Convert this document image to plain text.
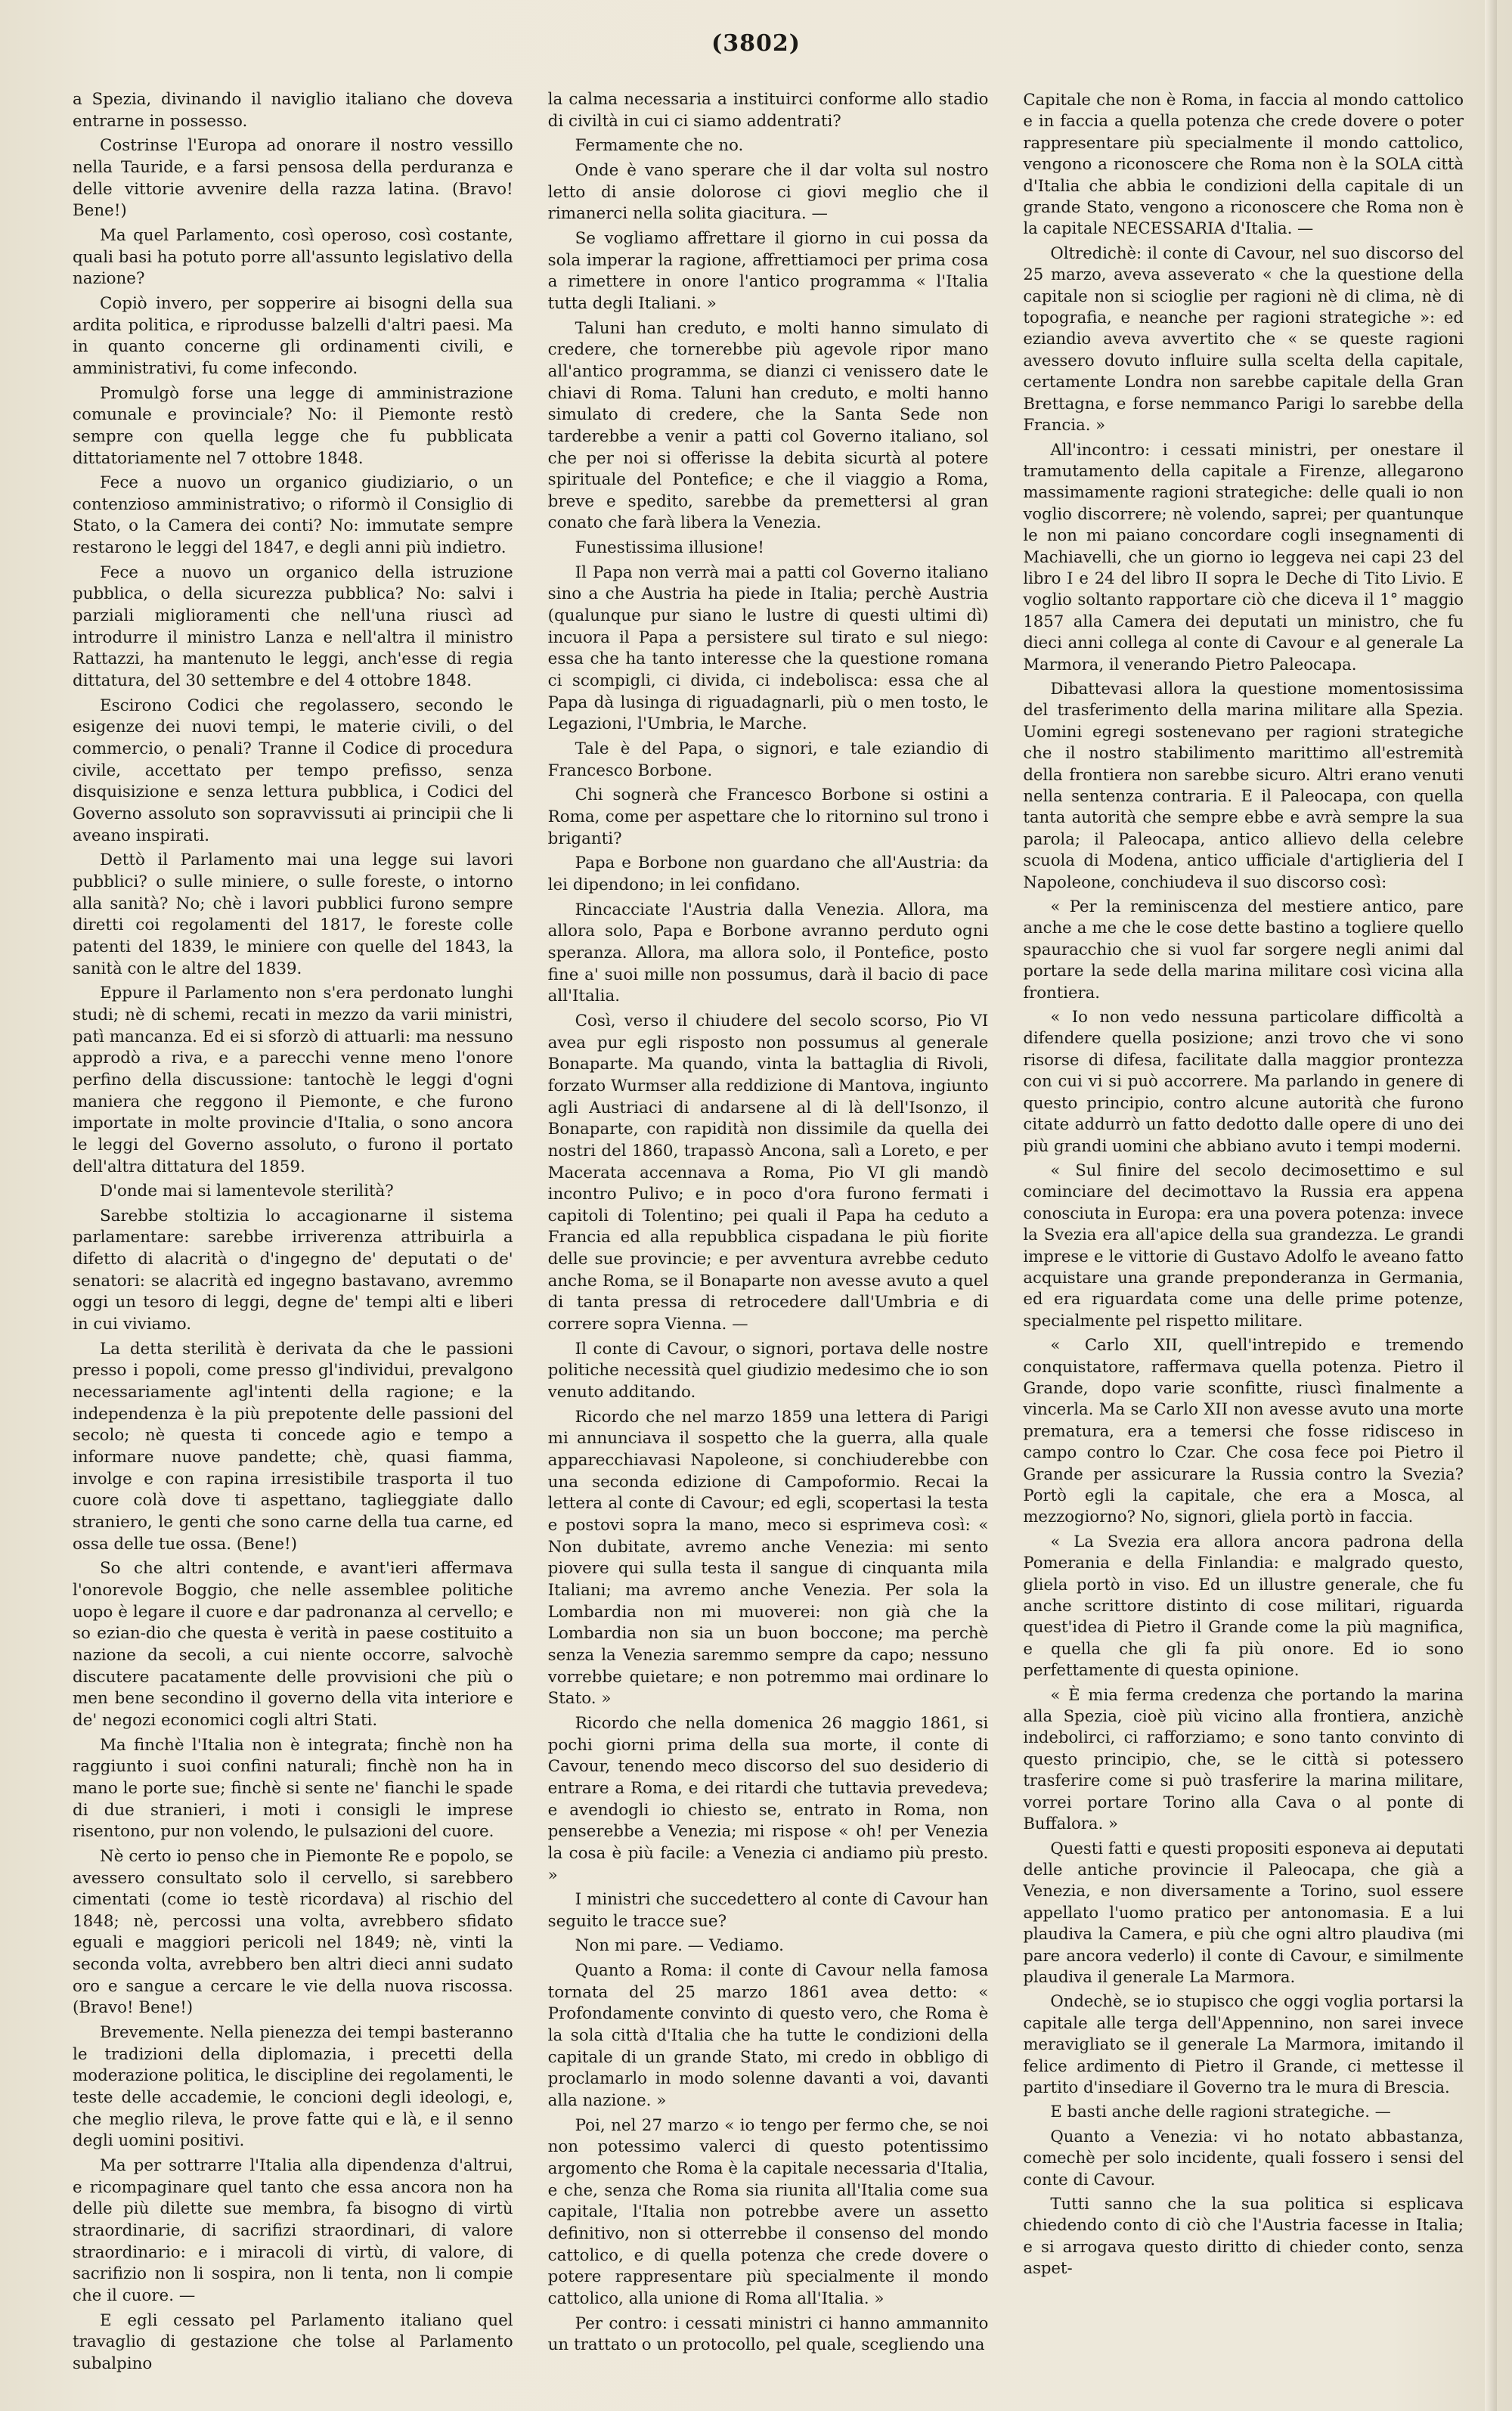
(3802)

a Spezia, divinando il naviglio italiano che doveva entrarne in possesso.

Costrinse l'Europa ad onorare il nostro vessillo nella Tauride, e a farsi pensosa della perduranza e delle vittorie avvenire della razza latina. (Bravo! Bene!)

Ma quel Parlamento, così operoso, così costante, quali basi ha potuto porre all'assunto legislativo della nazione?

Copiò invero, per sopperire ai bisogni della sua ardita politica, e riprodusse balzelli d'altri paesi. Ma in quanto concerne gli ordinamenti civili, e amministrativi, fu come infecondo.

Promulgò forse una legge di amministrazione comunale e provinciale? No: il Piemonte restò sempre con quella legge che fu pubblicata dittatoriamente nel 7 ottobre 1848.

Fece a nuovo un organico giudiziario, o un contenzioso amministrativo; o riformò il Consiglio di Stato, o la Camera dei conti? No: immutate sempre restarono le leggi del 1847, e degli anni più indietro.

Fece a nuovo un organico della istruzione pubblica, o della sicurezza pubblica? No: salvi i parziali miglioramenti che nell'una riuscì ad introdurre il ministro Lanza e nell'altra il ministro Rattazzi, ha mantenuto le leggi, anch'esse di regia dittatura, del 30 settembre e del 4 ottobre 1848.

Escirono Codici che regolassero, secondo le esigenze dei nuovi tempi, le materie civili, o del commercio, o penali? Tranne il Codice di procedura civile, accettato per tempo prefisso, senza disquisizione e senza lettura pubblica, i Codici del Governo assoluto son sopravvissuti ai principii che li aveano inspirati.

Dettò il Parlamento mai una legge sui lavori pubblici? o sulle miniere, o sulle foreste, o intorno alla sanità? No; chè i lavori pubblici furono sempre diretti coi regolamenti del 1817, le foreste colle patenti del 1839, le miniere con quelle del 1843, la sanità con le altre del 1839.

Eppure il Parlamento non s'era perdonato lunghi studi; nè di schemi, recati in mezzo da varii ministri, patì mancanza. Ed ei si sforzò di attuarli: ma nessuno approdò a riva, e a parecchi venne meno l'onore perfino della discussione: tantochè le leggi d'ogni maniera che reggono il Piemonte, e che furono importate in molte provincie d'Italia, o sono ancora le leggi del Governo assoluto, o furono il portato dell'altra dittatura del 1859.

D'onde mai si lamentevole sterilità?

Sarebbe stoltizia lo accagionarne il sistema parlamentare: sarebbe irriverenza attribuirla a difetto di alacrità o d'ingegno de' deputati o de' senatori: se alacrità ed ingegno bastavano, avremmo oggi un tesoro di leggi, degne de' tempi alti e liberi in cui viviamo.

La detta sterilità è derivata da che le passioni presso i popoli, come presso gl'individui, prevalgono necessariamente agl'intenti della ragione; e la independenza è la più prepotente delle passioni del secolo; nè questa ti concede agio e tempo a informare nuove pandette; chè, quasi fiamma, involge e con rapina irresistibile trasporta il tuo cuore colà dove ti aspettano, taglieggiate dallo straniero, le genti che sono carne della tua carne, ed ossa delle tue ossa. (Bene!)

So che altri contende, e avant'ieri affermava l'onorevole Boggio, che nelle assemblee politiche uopo è legare il cuore e dar padronanza al cervello; e so ezian-dio che questa è verità in paese costituito a nazione da secoli, a cui niente occorre, salvochè discutere pacatamente delle provvisioni che più o men bene secondino il governo della vita interiore e de' negozi economici cogli altri Stati.

Ma finchè l'Italia non è integrata; finchè non ha raggiunto i suoi confini naturali; finchè non ha in mano le porte sue; finchè si sente ne' fianchi le spade di due stranieri, i moti i consigli le imprese risentono, pur non volendo, le pulsazioni del cuore.

Nè certo io penso che in Piemonte Re e popolo, se avessero consultato solo il cervello, si sarebbero cimentati (come io testè ricordava) al rischio del 1848; nè, percossi una volta, avrebbero sfidato eguali e maggiori pericoli nel 1849; nè, vinti la seconda volta, avrebbero ben altri dieci anni sudato oro e sangue a cercare le vie della nuova riscossa. (Bravo! Bene!)

Brevemente. Nella pienezza dei tempi basteranno le tradizioni della diplomazia, i precetti della moderazione politica, le discipline dei regolamenti, le teste delle accademie, le concioni degli ideologi, e, che meglio rileva, le prove fatte qui e là, e il senno degli uomini positivi.

Ma per sottrarre l'Italia alla dipendenza d'altrui, e ricompaginare quel tanto che essa ancora non ha delle più dilette sue membra, fa bisogno di virtù straordinarie, di sacrifizi straordinari, di valore straordinario: e i miracoli di virtù, di valore, di sacrifizio non li sospira, non li tenta, non li compie che il cuore. —

E egli cessato pel Parlamento italiano quel travaglio di gestazione che tolse al Parlamento subalpino

la calma necessaria a instituirci conforme allo stadio di civiltà in cui ci siamo addentrati?

Fermamente che no.

Onde è vano sperare che il dar volta sul nostro letto di ansie dolorose ci giovi meglio che il rimanerci nella solita giacitura. —

Se vogliamo affrettare il giorno in cui possa da sola imperar la ragione, affrettiamoci per prima cosa a rimettere in onore l'antico programma « l'Italia tutta degli Italiani. »

Taluni han creduto, e molti hanno simulato di credere, che tornerebbe più agevole ripor mano all'antico programma, se dianzi ci venissero date le chiavi di Roma. Taluni han creduto, e molti hanno simulato di credere, che la Santa Sede non tarderebbe a venir a patti col Governo italiano, sol che per noi si offerisse la debita sicurtà al potere spirituale del Pontefice; e che il viaggio a Roma, breve e spedito, sarebbe da premettersi al gran conato che farà libera la Venezia.

Funestissima illusione!

Il Papa non verrà mai a patti col Governo italiano sino a che Austria ha piede in Italia; perchè Austria (qualunque pur siano le lustre di questi ultimi dì) incuora il Papa a persistere sul tirato e sul niego: essa che ha tanto interesse che la questione romana ci scompigli, ci divida, ci indebolisca: essa che al Papa dà lusinga di riguadagnarli, più o men tosto, le Legazioni, l'Umbria, le Marche.

Tale è del Papa, o signori, e tale eziandio di Francesco Borbone.

Chi sognerà che Francesco Borbone si ostini a Roma, come per aspettare che lo ritornino sul trono i briganti?

Papa e Borbone non guardano che all'Austria: da lei dipendono; in lei confidano.

Rincacciate l'Austria dalla Venezia. Allora, ma allora solo, Papa e Borbone avranno perduto ogni speranza. Allora, ma allora solo, il Pontefice, posto fine a' suoi mille non possumus, darà il bacio di pace all'Italia.

Così, verso il chiudere del secolo scorso, Pio VI avea pur egli risposto non possumus al generale Bonaparte. Ma quando, vinta la battaglia di Rivoli, forzato Wurmser alla reddizione di Mantova, ingiunto agli Austriaci di andarsene al di là dell'Isonzo, il Bonaparte, con rapidità non dissimile da quella dei nostri del 1860, trapassò Ancona, salì a Loreto, e per Macerata accennava a Roma, Pio VI gli mandò incontro Pulivo; e in poco d'ora furono fermati i capitoli di Tolentino; pei quali il Papa ha ceduto a Francia ed alla repubblica cispadana le più fiorite delle sue provincie; e per avventura avrebbe ceduto anche Roma, se il Bonaparte non avesse avuto a quel di tanta pressa di retrocedere dall'Umbria e di correre sopra Vienna. —

Il conte di Cavour, o signori, portava delle nostre politiche necessità quel giudizio medesimo che io son venuto additando.

Ricordo che nel marzo 1859 una lettera di Parigi mi annunciava il sospetto che la guerra, alla quale apparecchiavasi Napoleone, si conchiuderebbe con una seconda edizione di Campoformio. Recai la lettera al conte di Cavour; ed egli, scopertasi la testa e postovi sopra la mano, meco si esprimeva così: « Non dubitate, avremo anche Venezia: mi sento piovere qui sulla testa il sangue di cinquanta mila Italiani; ma avremo anche Venezia. Per sola la Lombardia non mi muoverei: non già che la Lombardia non sia un buon boccone; ma perchè senza la Venezia saremmo sempre da capo; nessuno vorrebbe quietare; e non potremmo mai ordinare lo Stato. »

Ricordo che nella domenica 26 maggio 1861, si pochi giorni prima della sua morte, il conte di Cavour, tenendo meco discorso del suo desiderio di entrare a Roma, e dei ritardi che tuttavia prevedeva; e avendogli io chiesto se, entrato in Roma, non penserebbe a Venezia; mi rispose « oh! per Venezia la cosa è più facile: a Venezia ci andiamo più presto. »

I ministri che succedettero al conte di Cavour han seguito le tracce sue?

Non mi pare. — Vediamo.

Quanto a Roma: il conte di Cavour nella famosa tornata del 25 marzo 1861 avea detto: « Profondamente convinto di questo vero, che Roma è la sola città d'Italia che ha tutte le condizioni della capitale di un grande Stato, mi credo in obbligo di proclamarlo in modo solenne davanti a voi, davanti alla nazione. »

Poi, nel 27 marzo « io tengo per fermo che, se noi non potessimo valerci di questo potentissimo argomento che Roma è la capitale necessaria d'Italia, e che, senza che Roma sia riunita all'Italia come sua capitale, l'Italia non potrebbe avere un assetto definitivo, non si otterrebbe il consenso del mondo cattolico, e di quella potenza che crede dovere o potere rappresentare più specialmente il mondo cattolico, alla unione di Roma all'Italia. »

Per contro: i cessati ministri ci hanno ammannito un trattato o un protocollo, pel quale, scegliendo una

Capitale che non è Roma, in faccia al mondo cattolico e in faccia a quella potenza che crede dovere o poter rappresentare più specialmente il mondo cattolico, vengono a riconoscere che Roma non è la SOLA città d'Italia che abbia le condizioni della capitale di un grande Stato, vengono a riconoscere che Roma non è la capitale NECESSARIA d'Italia. —

Oltredichè: il conte di Cavour, nel suo discorso del 25 marzo, aveva asseverato « che la questione della capitale non si scioglie per ragioni nè di clima, nè di topografia, e neanche per ragioni strategiche »: ed eziandio aveva avvertito che « se queste ragioni avessero dovuto influire sulla scelta della capitale, certamente Londra non sarebbe capitale della Gran Brettagna, e forse nemmanco Parigi lo sarebbe della Francia. »

All'incontro: i cessati ministri, per onestare il tramutamento della capitale a Firenze, allegarono massimamente ragioni strategiche: delle quali io non voglio discorrere; nè volendo, saprei; per quantunque le non mi paiano concordare cogli insegnamenti di Machiavelli, che un giorno io leggeva nei capi 23 del libro I e 24 del libro II sopra le Deche di Tito Livio. E voglio soltanto rapportare ciò che diceva il 1° maggio 1857 alla Camera dei deputati un ministro, che fu dieci anni collega al conte di Cavour e al generale La Marmora, il venerando Pietro Paleocapa.

Dibattevasi allora la questione momentosissima del trasferimento della marina militare alla Spezia. Uomini egregi sostenevano per ragioni strategiche che il nostro stabilimento marittimo all'estremità della frontiera non sarebbe sicuro. Altri erano venuti nella sentenza contraria. E il Paleocapa, con quella tanta autorità che sempre ebbe e avrà sempre la sua parola; il Paleocapa, antico allievo della celebre scuola di Modena, antico ufficiale d'artiglieria del I Napoleone, conchiudeva il suo discorso così:

« Per la reminiscenza del mestiere antico, pare anche a me che le cose dette bastino a togliere quello spauracchio che si vuol far sorgere negli animi dal portare la sede della marina militare così vicina alla frontiera.

« Io non vedo nessuna particolare difficoltà a difendere quella posizione; anzi trovo che vi sono risorse di difesa, facilitate dalla maggior prontezza con cui vi si può accorrere. Ma parlando in genere di questo principio, contro alcune autorità che furono citate addurrò un fatto dedotto dalle opere di uno dei più grandi uomini che abbiano avuto i tempi moderni.

« Sul finire del secolo decimosettimo e sul cominciare del decimottavo la Russia era appena conosciuta in Europa: era una povera potenza: invece la Svezia era all'apice della sua grandezza. Le grandi imprese e le vittorie di Gustavo Adolfo le aveano fatto acquistare una grande preponderanza in Germania, ed era riguardata come una delle prime potenze, specialmente pel rispetto militare.

« Carlo XII, quell'intrepido e tremendo conquistatore, raffermava quella potenza. Pietro il Grande, dopo varie sconfitte, riuscì finalmente a vincerla. Ma se Carlo XII non avesse avuto una morte prematura, era a temersi che fosse ridisceso in campo contro lo Czar. Che cosa fece poi Pietro il Grande per assicurare la Russia contro la Svezia? Portò egli la capitale, che era a Mosca, al mezzogiorno? No, signori, gliela portò in faccia.

« La Svezia era allora ancora padrona della Pomerania e della Finlandia: e malgrado questo, gliela portò in viso. Ed un illustre generale, che fu anche scrittore distinto di cose militari, riguarda quest'idea di Pietro il Grande come la più magnifica, e quella che gli fa più onore. Ed io sono perfettamente di questa opinione.

« È mia ferma credenza che portando la marina alla Spezia, cioè più vicino alla frontiera, anzichè indebolirci, ci rafforziamo; e sono tanto convinto di questo principio, che, se le città si potessero trasferire come si può trasferire la marina militare, vorrei portare Torino alla Cava o al ponte di Buffalora. »

Questi fatti e questi propositi esponeva ai deputati delle antiche provincie il Paleocapa, che già a Venezia, e non diversamente a Torino, suol essere appellato l'uomo pratico per antonomasia. E a lui plaudiva la Camera, e più che ogni altro plaudiva (mi pare ancora vederlo) il conte di Cavour, e similmente plaudiva il generale La Marmora.

Ondechè, se io stupisco che oggi voglia portarsi la capitale alle terga dell'Appennino, non sarei invece meravigliato se il generale La Marmora, imitando il felice ardimento di Pietro il Grande, ci mettesse il partito d'insediare il Governo tra le mura di Brescia.

E basti anche delle ragioni strategiche. —

Quanto a Venezia: vi ho notato abbastanza, comechè per solo incidente, quali fossero i sensi del conte di Cavour.

Tutti sanno che la sua politica si esplicava chiedendo conto di ciò che l'Austria facesse in Italia; e si arrogava questo diritto di chieder conto, senza aspet-
